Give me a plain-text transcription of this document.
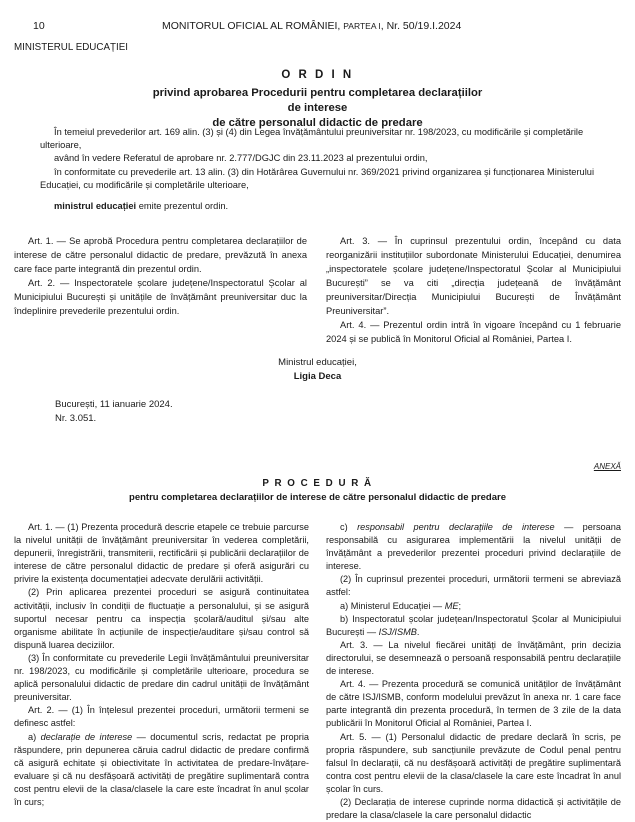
10	MONITORUL OFICIAL AL ROMÂNIEI, PARTEA I, Nr. 50/19.I.2024
MINISTERUL EDUCAȚIEI
O R D I N
privind aprobarea Procedurii pentru completarea declarațiilor de interese
de către personalul didactic de predare

În temeiul prevederilor art. 169 alin. (3) și (4) din Legea învățământului preuniversitar nr. 198/2023, cu modificările și completările ulterioare,

având în vedere Referatul de aprobare nr. 2.777/DGJC din 23.11.2023 al prezentului ordin,

în conformitate cu prevederile art. 13 alin. (3) din Hotărârea Guvernului nr. 369/2021 privind organizarea și funcționarea Ministerului Educației, cu modificările și completările ulterioare,

ministrul educației emite prezentul ordin.

Art. 1. — Se aprobă Procedura pentru completarea declarațiilor de interese de către personalul didactic de predare, prevăzută în anexa care face parte integrantă din prezentul ordin.

Art. 2. — Inspectoratele școlare județene/Inspectoratul Școlar al Municipiului București și unitățile de învățământ preuniversitar duc la îndeplinire prevederile prezentului ordin.

Art. 3. — În cuprinsul prezentului ordin, începând cu data reorganizării instituțiilor subordonate Ministerului Educației, denumirea „inspectoratele școlare județene/Inspectoratul Școlar al Municipiului București” se va citi „direcția județeană de învățământ preuniversitar/Direcția Municipiului București de Învățământ Preuniversitar”.

Art. 4. — Prezentul ordin intră în vigoare începând cu 1 februarie 2024 și se publică în Monitorul Oficial al României, Partea I.

Ministrul educației,
Ligia Deca
București, 11 ianuarie 2024.
Nr. 3.051.
ANEXĂ
P R O C E D U R Ă
pentru completarea declarațiilor de interese de către personalul didactic de predare

Art. 1. — (1) Prezenta procedură descrie etapele ce trebuie parcurse la nivelul unității de învățământ preuniversitar în vederea completării, depunerii, înregistrării, transmiterii, rectificării și publicării declarațiilor de interese de către personalul didactic de predare și oferă asigurări cu privire la existența documentației adecvate derulării activității.

(2) Prin aplicarea prezentei proceduri se asigură continuitatea activității, inclusiv în condiții de fluctuație a personalului, și se asigură suportul necesar pentru ca inspecția școlară/auditul și/sau alte organisme abilitate în acțiunile de inspecție/auditare și/sau control să dispună luarea deciziilor.

(3) În conformitate cu prevederile Legii învățământului preuniversitar nr. 198/2023, cu modificările și completările ulterioare, procedura se aplică personalului didactic de predare din cadrul unității de învățământ preuniversitar.

Art. 2. — (1) În înțelesul prezentei proceduri, următorii termeni se definesc astfel:

a) declarație de interese — documentul scris, redactat pe propria răspundere, prin depunerea căruia cadrul didactic de predare confirmă că asigură echitate și obiectivitate în activitatea de predare-învățare-evaluare și că nu desfășoară activități de pregătire suplimentară contra cost pentru elevii de la clasa/clasele la care este încadrat în anul școlar în curs;

c) responsabil pentru declarațiile de interese — persoana responsabilă cu asigurarea implementării la nivelul unității de învățământ a prevederilor prezentei proceduri privind declarațiile de interese.

(2) În cuprinsul prezentei proceduri, următorii termeni se abreviază astfel:

a) Ministerul Educației — ME;

b) Inspectoratul școlar județean/Inspectoratul Școlar al Municipiului București — ISJ/ISMB.

Art. 3. — La nivelul fiecărei unități de învățământ, prin decizia directorului, se desemnează o persoană responsabilă pentru declarațiile de interese.

Art. 4. — Prezenta procedură se comunică unităților de învățământ de către ISJ/ISMB, conform modelului prevăzut în anexa nr. 1 care face parte integrantă din prezenta procedură, în termen de 3 zile de la data publicării în Monitorul Oficial al României, Partea I.

Art. 5. — (1) Personalul didactic de predare declară în scris, pe propria răspundere, sub sancțiunile prevăzute de Codul penal pentru falsul în declarații, că nu desfășoară activități de pregătire suplimentară contra cost pentru elevii de la clasa/clasele la care este încadrat în anul școlar în curs.

(2) Declarația de interese cuprinde norma didactică și activitățile de predare la clasa/clasele la care personalul didactic
